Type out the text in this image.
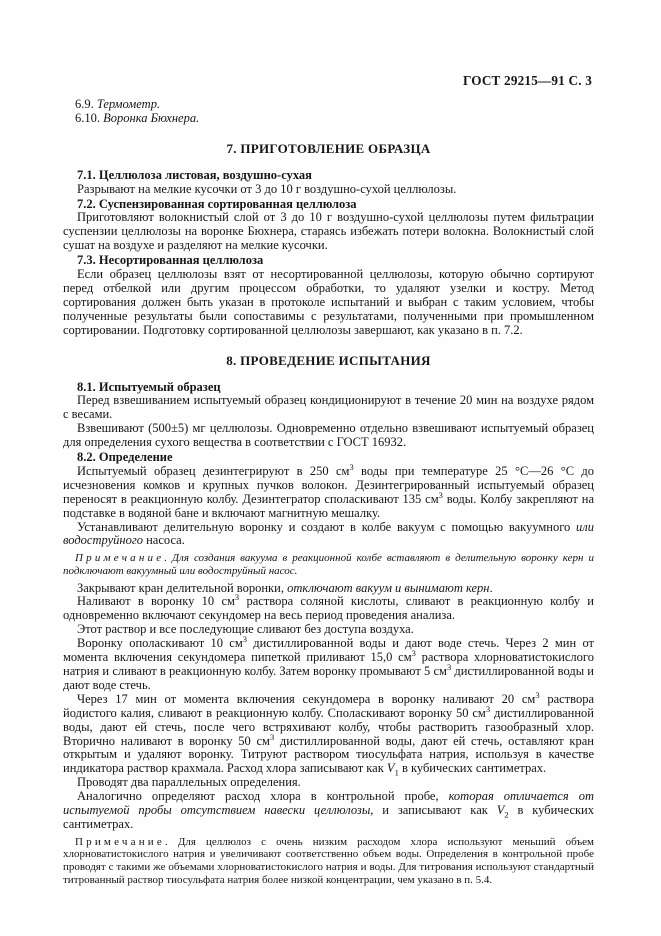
ГОСТ 29215—91 С. 3

6.9. Термометр.

6.10. Воронка Бюхнера.

7. ПРИГОТОВЛЕНИЕ ОБРАЗЦА

7.1. Целлюлоза листовая, воздушно-сухая

Разрывают на мелкие кусочки от 3 до 10 г воздушно-сухой целлюлозы.

7.2. Суспензированная сортированная целлюлоза

Приготовляют волокнистый слой от 3 до 10 г воздушно-сухой целлюлозы путем фильтрации суспензии целлюлозы на воронке Бюхнера, стараясь избежать потери волокна. Волокнистый слой сушат на воздухе и разделяют на мелкие кусочки.

7.3. Несортированная целлюлоза

Если образец целлюлозы взят от несортированной целлюлозы, которую обычно сортируют перед отбелкой или другим процессом обработки, то удаляют узелки и костру. Метод сортирования должен быть указан в протоколе испытаний и выбран с таким условием, чтобы полученные результаты были сопоставимы с результатами, полученными при промышленном сортировании. Подготовку сортированной целлюлозы завершают, как указано в п. 7.2.

8. ПРОВЕДЕНИЕ ИСПЫТАНИЯ

8.1. Испытуемый образец

Перед взвешиванием испытуемый образец кондиционируют в течение 20 мин на воздухе рядом с весами.

Взвешивают (500±5) мг целлюлозы. Одновременно отдельно взвешивают испытуемый образец для определения сухого вещества в соответствии с ГОСТ 16932.

8.2. Определение

Испытуемый образец дезинтегрируют в 250 $см^3$ воды при температуре 25 °С—26 °С до исчезновения комков и крупных пучков волокон. Дезинтегрированный испытуемый образец переносят в реакционную колбу. Дезинтегратор споласкивают 135 $см^3$ воды. Колбу закрепляют на подставке в водяной бане и включают магнитную мешалку.

Устанавливают делительную воронку и создают в колбе вакуум с помощью вакуумного или водоструйного насоса.

Примечание. Для создания вакуума в реакционной колбе вставляют в делительную воронку керн и подключают вакуумный или водоструйный насос.

Закрывают кран делительной воронки, отключают вакуум и вынимают керн.

Наливают в воронку 10 $см^3$ раствора соляной кислоты, сливают в реакционную колбу и одновременно включают секундомер на весь период проведения анализа.

Этот раствор и все последующие сливают без доступа воздуха.

Воронку ополаскивают 10 $см^3$ дистиллированной воды и дают воде стечь. Через 2 мин от момента включения секундомера пипеткой приливают 15,0 $см^3$ раствора хлорноватистокислого натрия и сливают в реакционную колбу. Затем воронку промывают 5 $см^3$ дистиллированной воды и дают воде стечь.

Через 17 мин от момента включения секундомера в воронку наливают 20 $см^3$ раствора йодистого калия, сливают в реакционную колбу. Споласкивают воронку 50 $см^3$ дистиллированной воды, дают ей стечь, после чего встряхивают колбу, чтобы растворить газообразный хлор. Вторично наливают в воронку 50 $см^3$ дистиллированной воды, дают ей стечь, оставляют кран открытым и удаляют воронку. Титруют раствором тиосульфата натрия, используя в качестве индикатора раствор крахмала. Расход хлора записывают как $V_1$ в кубических сантиметрах.

Проводят два параллельных определения.

Аналогично определяют расход хлора в контрольной пробе, которая отличается от испытуемой пробы отсутствием навески целлюлозы, и записывают как $V_2$ в кубических сантиметрах.

Примечание. Для целлюлоз с очень низким расходом хлора используют меньший объем хлорноватистокислого натрия и увеличивают соответственно объем воды. Определения в контрольной пробе проводят с такими же объемами хлорноватистокислого натрия и воды. Для титрования используют стандартный титрованный раствор тиосульфата натрия более низкой концентрации, чем указано в п. 5.4.
